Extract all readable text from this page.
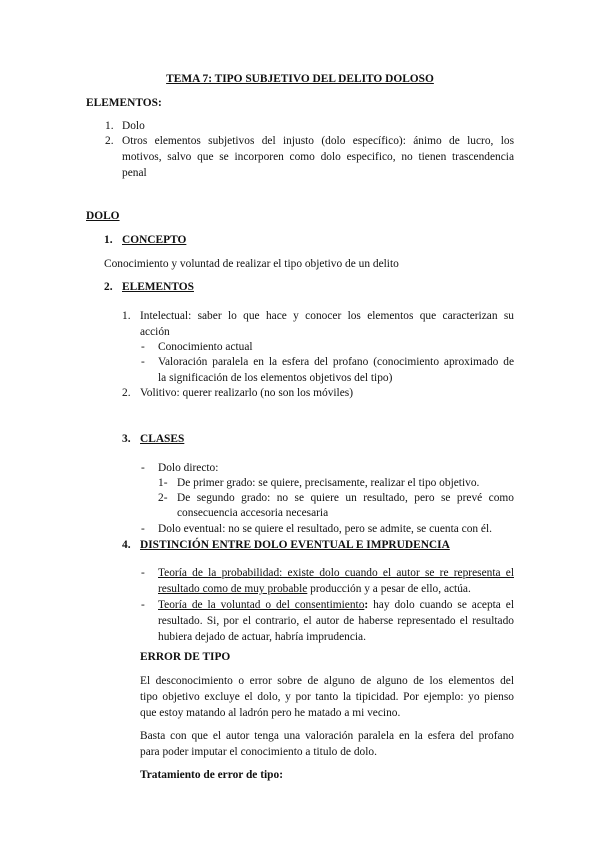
TEMA 7: TIPO SUBJETIVO DEL DELITO DOLOSO
ELEMENTOS:
1. Dolo
2. Otros elementos subjetivos del injusto (dolo específico): ánimo de lucro, los
motivos, salvo que se incorporen como dolo especifico, no tienen trascendencia
penal
DOLO
1. CONCEPTO
Conocimiento y voluntad de realizar el tipo objetivo de un delito
2. ELEMENTOS
1. Intelectual: saber lo que hace y conocer los elementos que caracterizan su
acción
- Conocimiento actual
- Valoración paralela en la esfera del profano (conocimiento aproximado de
la significación de los elementos objetivos del tipo)
2. Volitivo: querer realizarlo (no son los móviles)
3. CLASES
- Dolo directo:
1- De primer grado: se quiere, precisamente, realizar el tipo objetivo.
2- De segundo grado: no se quiere un resultado, pero se prevé como
consecuencia accesoria necesaria
- Dolo eventual: no se quiere el resultado, pero se admite, se cuenta con él.
4. DISTINCIÓN ENTRE DOLO EVENTUAL E IMPRUDENCIA
- Teoría de la probabilidad: existe dolo cuando el autor se re representa el
resultado como de muy probable producción y a pesar de ello, actúa.
- Teoría de la voluntad o del consentimiento: hay dolo cuando se acepta el
resultado. Si, por el contrario, el autor de haberse representado el resultado
hubiera dejado de actuar, habría imprudencia.
ERROR DE TIPO
El desconocimiento o error sobre de alguno de alguno de los elementos del
tipo objetivo excluye el dolo, y por tanto la tipicidad. Por ejemplo: yo pienso
que estoy matando al ladrón pero he matado a mi vecino.
Basta con que el autor tenga una valoración paralela en la esfera del profano
para poder imputar el conocimiento a titulo de dolo.
Tratamiento de error de tipo:
